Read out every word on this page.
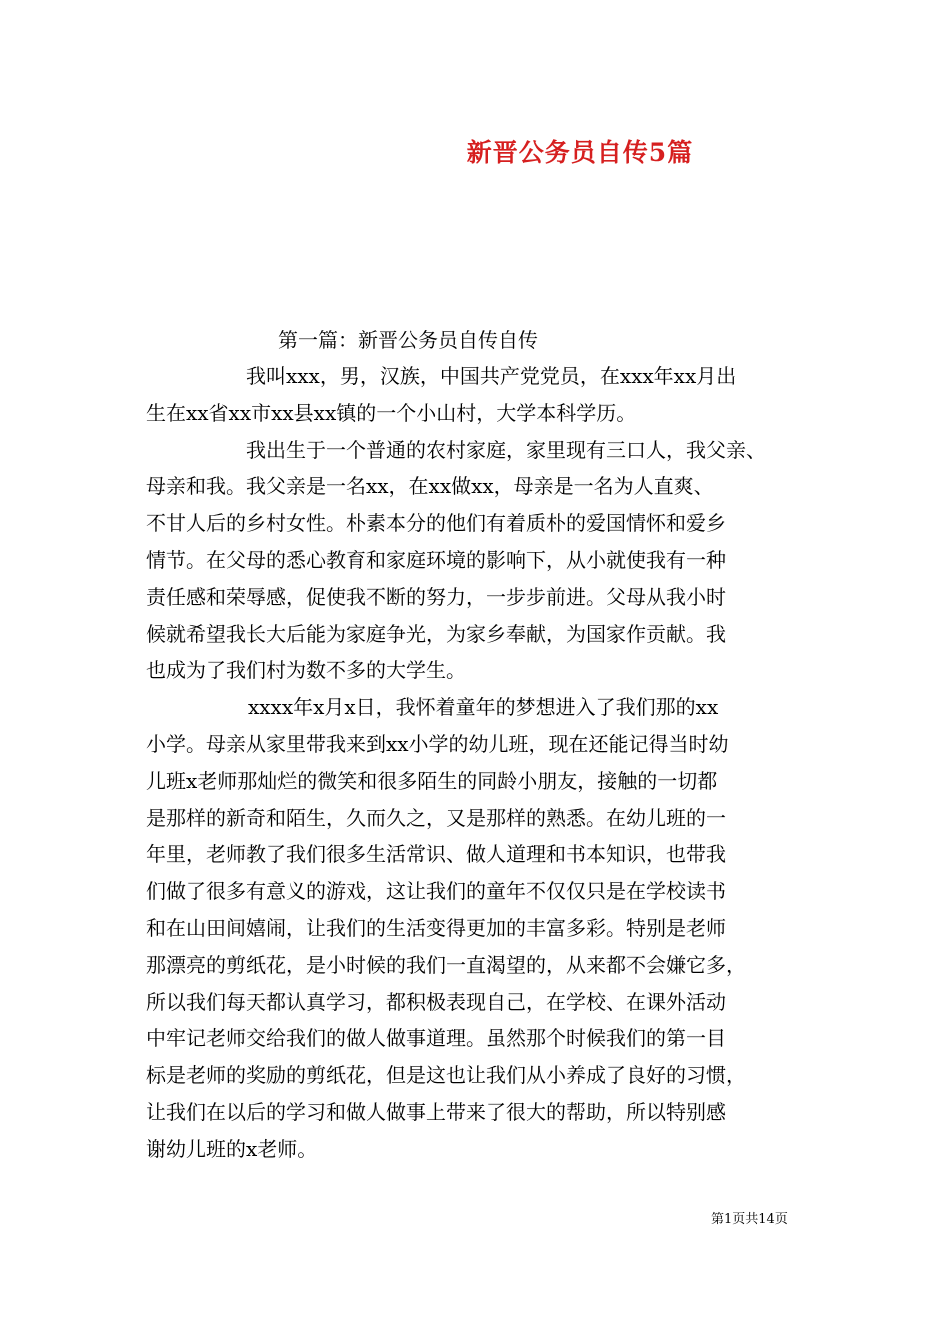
新晋公务员自传5篇
第一篇：新晋公务员自传自传

我叫xxx，男，汉族，中国共产党党员，在xxx年xx月出
生在xx省xx市xx县xx镇的一个小山村，大学本科学历。

我出生于一个普通的农村家庭，家里现有三口人，我父亲、
母亲和我。我父亲是一名xx，在xx做xx，母亲是一名为人直爽、
不甘人后的乡村女性。朴素本分的他们有着质朴的爱国情怀和爱乡
情节。在父母的悉心教育和家庭环境的影响下，从小就使我有一种
责任感和荣辱感，促使我不断的努力，一步步前进。父母从我小时
候就希望我长大后能为家庭争光，为家乡奉献，为国家作贡献。我
也成为了我们村为数不多的大学生。

xxxx年x月x日，我怀着童年的梦想进入了我们那的xx
小学。母亲从家里带我来到xx小学的幼儿班，现在还能记得当时幼
儿班x老师那灿烂的微笑和很多陌生的同龄小朋友，接触的一切都
是那样的新奇和陌生，久而久之，又是那样的熟悉。在幼儿班的一
年里，老师教了我们很多生活常识、做人道理和书本知识，也带我
们做了很多有意义的游戏，这让我们的童年不仅仅只是在学校读书
和在山田间嬉闹，让我们的生活变得更加的丰富多彩。特别是老师
那漂亮的剪纸花，是小时候的我们一直渴望的，从来都不会嫌它多，
所以我们每天都认真学习，都积极表现自己，在学校、在课外活动
中牢记老师交给我们的做人做事道理。虽然那个时候我们的第一目
标是老师的奖励的剪纸花，但是这也让我们从小养成了良好的习惯，
让我们在以后的学习和做人做事上带来了很大的帮助，所以特别感
谢幼儿班的x老师。

第1页共14页
